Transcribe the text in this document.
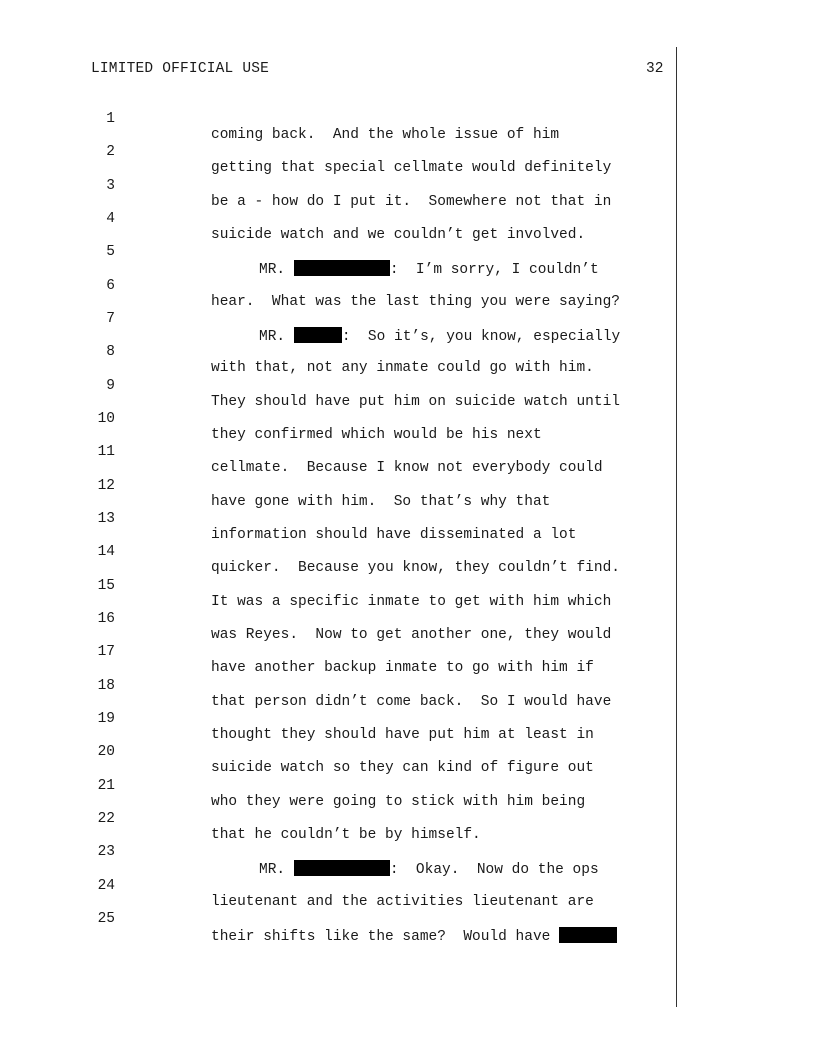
LIMITED OFFICIAL USE	32

1

coming back.  And the whole issue of him

2

getting that special cellmate would definitely

3

be a - how do I put it.  Somewhere not that in

4

suicide watch and we couldn’t get involved.

5

MR.	:  I’m sorry, I couldn’t

6

hear.  What was the last thing you were saying?

7

MR.	:  So it’s, you know, especially

8

with that, not any inmate could go with him.

9

They should have put him on suicide watch until

10

they confirmed which would be his next

11

cellmate.  Because I know not everybody could

12

have gone with him.  So that’s why that

13

information should have disseminated a lot

14

quicker.  Because you know, they couldn’t find.

15

It was a specific inmate to get with him which

16

was Reyes.  Now to get another one, they would

17

have another backup inmate to go with him if

18

that person didn’t come back.  So I would have

19

thought they should have put him at least in

20

suicide watch so they can kind of figure out

21

who they were going to stick with him being

22

that he couldn’t be by himself.

23

MR.	:  Okay.  Now do the ops

24

lieutenant and the activities lieutenant are

25

their shifts like the same?  Would have
